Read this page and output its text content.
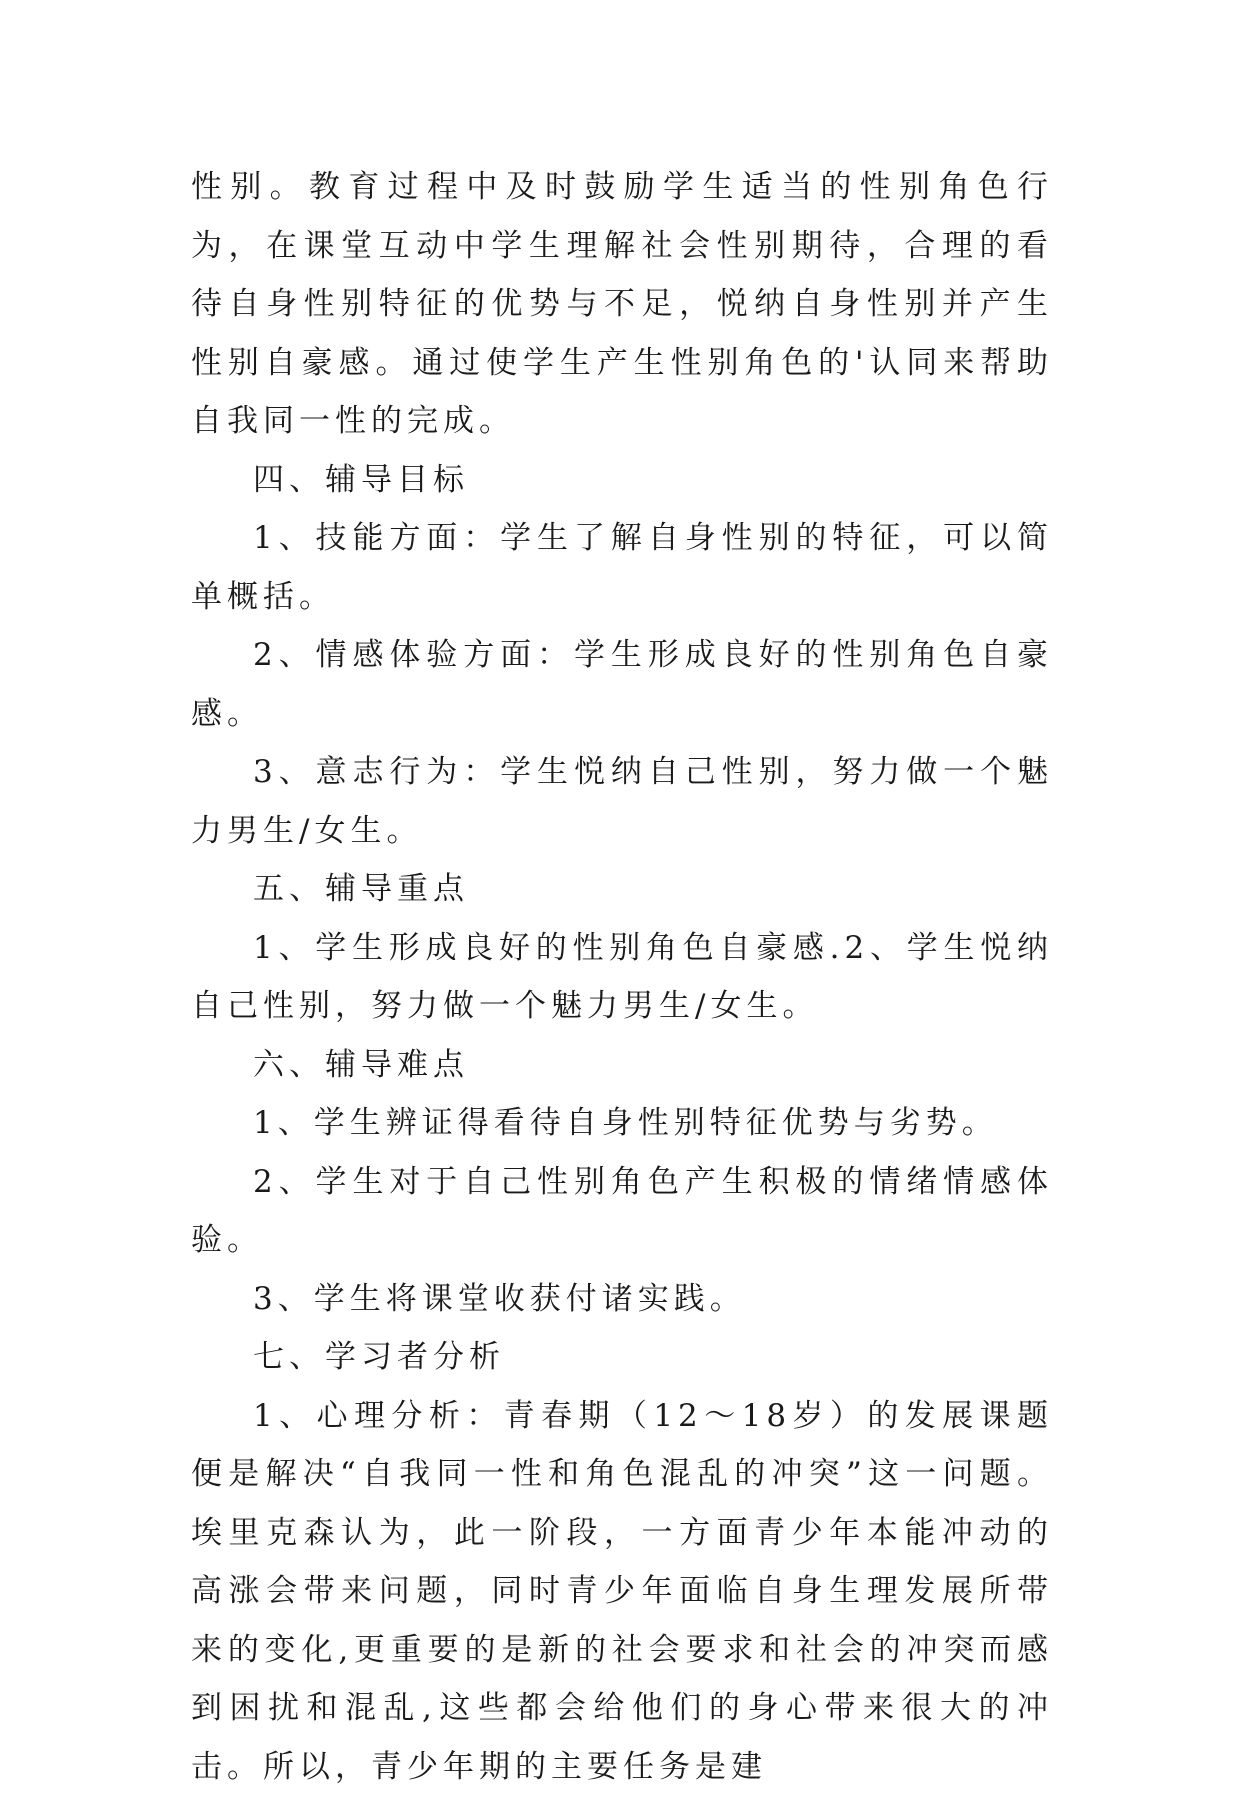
性别。教育过程中及时鼓励学生适当的性别角色行为，在课堂互动中学生理解社会性别期待，合理的看待自身性别特征的优势与不足，悦纳自身性别并产生性别自豪感。通过使学生产生性别角色的'认同来帮助自我同一性的完成。

四、辅导目标

1、技能方面：学生了解自身性别的特征，可以简单概括。

2、情感体验方面：学生形成良好的性别角色自豪感。

3、意志行为：学生悦纳自己性别，努力做一个魅力男生/女生。

五、辅导重点

1、学生形成良好的性别角色自豪感.2、学生悦纳自己性别，努力做一个魅力男生/女生。

六、辅导难点

1、学生辨证得看待自身性别特征优势与劣势。

2、学生对于自己性别角色产生积极的情绪情感体验。

3、学生将课堂收获付诸实践。

七、学习者分析

1、心理分析：青春期（12～18岁）的发展课题便是解决“自我同一性和角色混乱的冲突”这一问题。埃里克森认为，此一阶段，一方面青少年本能冲动的高涨会带来问题，同时青少年面临自身生理发展所带来的变化,更重要的是新的社会要求和社会的冲突而感到困扰和混乱,这些都会给他们的身心带来很大的冲击。所以，青少年期的主要任务是建
